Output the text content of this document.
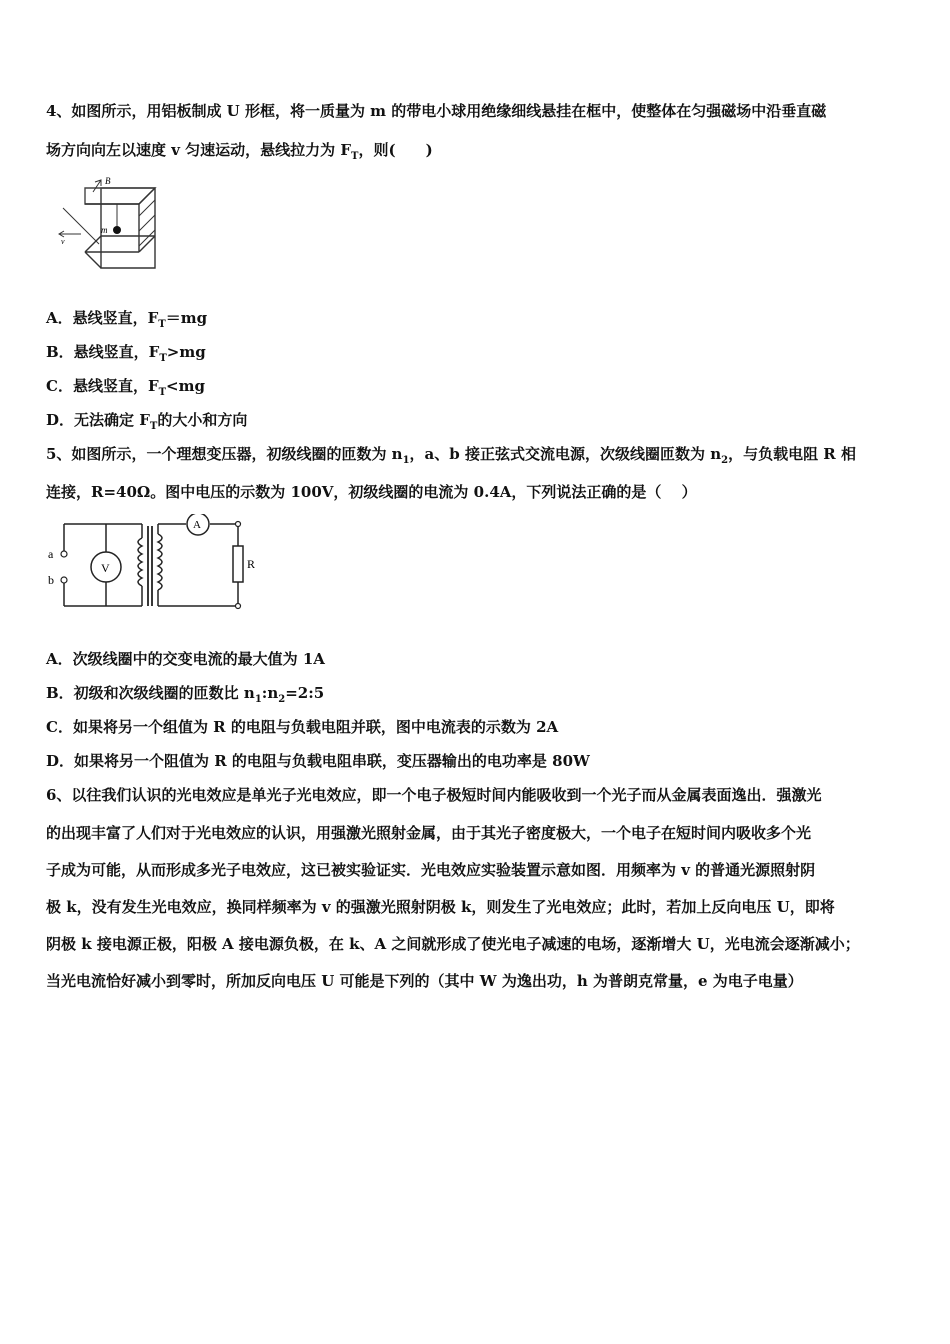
4、如图所示，用铝板制成 U 形框，将一质量为 m 的带电小球用绝缘细线悬挂在框中，使整体在匀强磁场中沿垂直磁
场方向向左以速度 v 匀速运动，悬线拉力为 $F_T$，则(　　)
B
m
v
A．悬线竖直，$F_T=mg$
B．悬线竖直，$F_T>mg$
C．悬线竖直，$F_T<mg$
D．无法确定 $F_T$的大小和方向
5、如图所示，一个理想变压器，初级线圈的匝数为 $n_1$，a、b 接正弦式交流电源，次级线圈匝数为 $n_2$，与负载电阻 R 相
连接，R=40Ω。图中电压的示数为 100V，初级线圈的电流为 0.4A，下列说法正确的是（　 ）
V
A
R
a
b
A．次级线圈中的交变电流的最大值为 1A
B．初级和次级线圈的匝数比 $n_1:n_2=2:5$
C．如果将另一个组值为 R 的电阻与负载电阻并联，图中电流表的示数为 2A
D．如果将另一个阻值为 R 的电阻与负载电阻串联，变压器输出的电功率是 80W
6、以往我们认识的光电效应是单光子光电效应，即一个电子极短时间内能吸收到一个光子而从金属表面逸出．强激光
的出现丰富了人们对于光电效应的认识，用强激光照射金属，由于其光子密度极大，一个电子在短时间内吸收多个光
子成为可能，从而形成多光子电效应，这已被实验证实．光电效应实验装置示意如图．用频率为 v 的普通光源照射阴
极 k，没有发生光电效应，换同样频率为 v 的强激光照射阴极 k，则发生了光电效应；此时，若加上反向电压 U，即将
阴极 k 接电源正极，阳极 A 接电源负极，在 k、A 之间就形成了使光电子减速的电场，逐渐增大 U，光电流会逐渐减小；
当光电流恰好减小到零时，所加反向电压 U 可能是下列的（其中 W 为逸出功，h 为普朗克常量，e 为电子电量）
